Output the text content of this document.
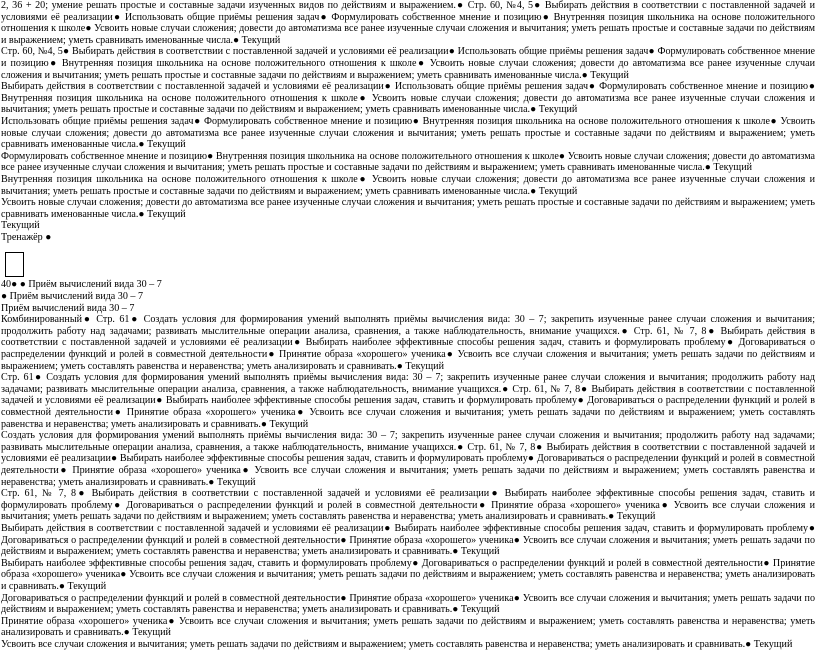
2, 36 + 20; умение решать простые и составные задачи изученных видов по действиям и выражением.● Стр. 60, №4, 5● Выбирать действия в соответствии с поставленной задачей и условиями её реализации● Использовать общие приёмы решения задач● Формулировать собственное мнение и позицию● Внутренняя позиция школьника на основе положительного отношения к школе● Усвоить новые случаи сложения; довести до автоматизма все ранее изученные случаи сложения и вычитания; уметь решать простые и составные задачи по действиям и выражением; уметь сравнивать именованные числа.● Текущий

Стр. 60, №4, 5● Выбирать действия в соответствии с поставленной задачей и условиями её реализации● Использовать общие приёмы решения задач● Формулировать собственное мнение и позицию● Внутренняя позиция школьника на основе положительного отношения к школе● Усвоить новые случаи сложения; довести до автоматизма все ранее изученные случаи сложения и вычитания; уметь решать простые и составные задачи по действиям и выражением; уметь сравнивать именованные числа.● Текущий

Выбирать действия в соответствии с поставленной задачей и условиями её реализации● Использовать общие приёмы решения задач● Формулировать собственное мнение и позицию● Внутренняя позиция школьника на основе положительного отношения к школе● Усвоить новые случаи сложения; довести до автоматизма все ранее изученные случаи сложения и вычитания; уметь решать простые и составные задачи по действиям и выражением; уметь сравнивать именованные числа.● Текущий

Использовать общие приёмы решения задач● Формулировать собственное мнение и позицию● Внутренняя позиция школьника на основе положительного отношения к школе● Усвоить новые случаи сложения; довести до автоматизма все ранее изученные случаи сложения и вычитания; уметь решать простые и составные задачи по действиям и выражением; уметь сравнивать именованные числа.● Текущий

Формулировать собственное мнение и позицию● Внутренняя позиция школьника на основе положительного отношения к школе● Усвоить новые случаи сложения; довести до автоматизма все ранее изученные случаи сложения и вычитания; уметь решать простые и составные задачи по действиям и выражением; уметь сравнивать именованные числа.● Текущий

Внутренняя позиция школьника на основе положительного отношения к школе● Усвоить новые случаи сложения; довести до автоматизма все ранее изученные случаи сложения и вычитания; уметь решать простые и составные задачи по действиям и выражением; уметь сравнивать именованные числа.● Текущий

Усвоить новые случаи сложения; довести до автоматизма все ранее изученные случаи сложения и вычитания; уметь решать простые и составные задачи по действиям и выражением; уметь сравнивать именованные числа.● Текущий

Текущий

Тренажёр ●

40● ● Приём вычислений вида 30 – 7

● Приём вычислений вида 30 – 7

Приём вычислений вида 30 – 7

Комбинированный● Стр. 61● Создать условия для формирования умений выполнять приёмы вычисления вида: 30 – 7; закрепить изученные ранее случаи сложения и вычитания; продолжить работу над задачами; развивать мыслительные операции анализа, сравнения, а также наблюдательность, внимание учащихся.● Стр. 61, № 7, 8● Выбирать действия в соответствии с поставленной задачей и условиями её реализации● Выбирать наиболее эффективные способы решения задач, ставить и формулировать проблему● Договариваться о распределении функций и ролей в совместной деятельности● Принятие образа «хорошего» ученика● Усвоить все случаи сложения и вычитания; уметь решать задачи по действиям и выражением; уметь составлять равенства и неравенства; уметь анализировать и сравнивать.● Текущий

Стр. 61● Создать условия для формирования умений выполнять приёмы вычисления вида: 30 – 7; закрепить изученные ранее случаи сложения и вычитания; продолжить работу над задачами; развивать мыслительные операции анализа, сравнения, а также наблюдательность, внимание учащихся.● Стр. 61, № 7, 8● Выбирать действия в соответствии с поставленной задачей и условиями её реализации● Выбирать наиболее эффективные способы решения задач, ставить и формулировать проблему● Договариваться о распределении функций и ролей в совместной деятельности● Принятие образа «хорошего» ученика● Усвоить все случаи сложения и вычитания; уметь решать задачи по действиям и выражением; уметь составлять равенства и неравенства; уметь анализировать и сравнивать.● Текущий

Создать условия для формирования умений выполнять приёмы вычисления вида: 30 – 7; закрепить изученные ранее случаи сложения и вычитания; продолжить работу над задачами; развивать мыслительные операции анализа, сравнения, а также наблюдательность, внимание учащихся.● Стр. 61, № 7, 8● Выбирать действия в соответствии с поставленной задачей и условиями её реализации● Выбирать наиболее эффективные способы решения задач, ставить и формулировать проблему● Договариваться о распределении функций и ролей в совместной деятельности● Принятие образа «хорошего» ученика● Усвоить все случаи сложения и вычитания; уметь решать задачи по действиям и выражением; уметь составлять равенства и неравенства; уметь анализировать и сравнивать.● Текущий

Стр. 61, № 7, 8● Выбирать действия в соответствии с поставленной задачей и условиями её реализации● Выбирать наиболее эффективные способы решения задач, ставить и формулировать проблему● Договариваться о распределении функций и ролей в совместной деятельности● Принятие образа «хорошего» ученика● Усвоить все случаи сложения и вычитания; уметь решать задачи по действиям и выражением; уметь составлять равенства и неравенства; уметь анализировать и сравнивать.● Текущий

Выбирать действия в соответствии с поставленной задачей и условиями её реализации● Выбирать наиболее эффективные способы решения задач, ставить и формулировать проблему● Договариваться о распределении функций и ролей в совместной деятельности● Принятие образа «хорошего» ученика● Усвоить все случаи сложения и вычитания; уметь решать задачи по действиям и выражением; уметь составлять равенства и неравенства; уметь анализировать и сравнивать.● Текущий

Выбирать наиболее эффективные способы решения задач, ставить и формулировать проблему● Договариваться о распределении функций и ролей в совместной деятельности● Принятие образа «хорошего» ученика● Усвоить все случаи сложения и вычитания; уметь решать задачи по действиям и выражением; уметь составлять равенства и неравенства; уметь анализировать и сравнивать.● Текущий

Договариваться о распределении функций и ролей в совместной деятельности● Принятие образа «хорошего» ученика● Усвоить все случаи сложения и вычитания; уметь решать задачи по действиям и выражением; уметь составлять равенства и неравенства; уметь анализировать и сравнивать.● Текущий

Принятие образа «хорошего» ученика● Усвоить все случаи сложения и вычитания; уметь решать задачи по действиям и выражением; уметь составлять равенства и неравенства; уметь анализировать и сравнивать.● Текущий

Усвоить все случаи сложения и вычитания; уметь решать задачи по действиям и выражением; уметь составлять равенства и неравенства; уметь анализировать и сравнивать.● Текущий
